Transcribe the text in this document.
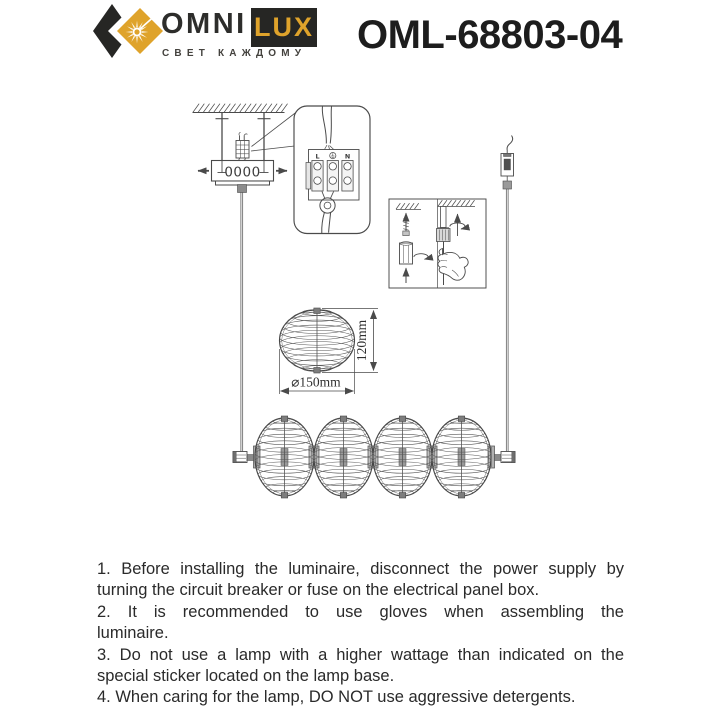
OMNI LUX
СВЕТ КАЖДОМУ OML-68803-04
0000
L	N
⌀150mm
120mm
1. Before installing the luminaire, disconnect the power supply by
turning the circuit breaker or fuse on the electrical panel box.
2. It is recommended to use gloves when assembling the
luminaire.
3. Do not use a lamp with a higher wattage than indicated on the
special sticker located on the lamp base.
4. When caring for the lamp, DO NOT use aggressive detergents.
